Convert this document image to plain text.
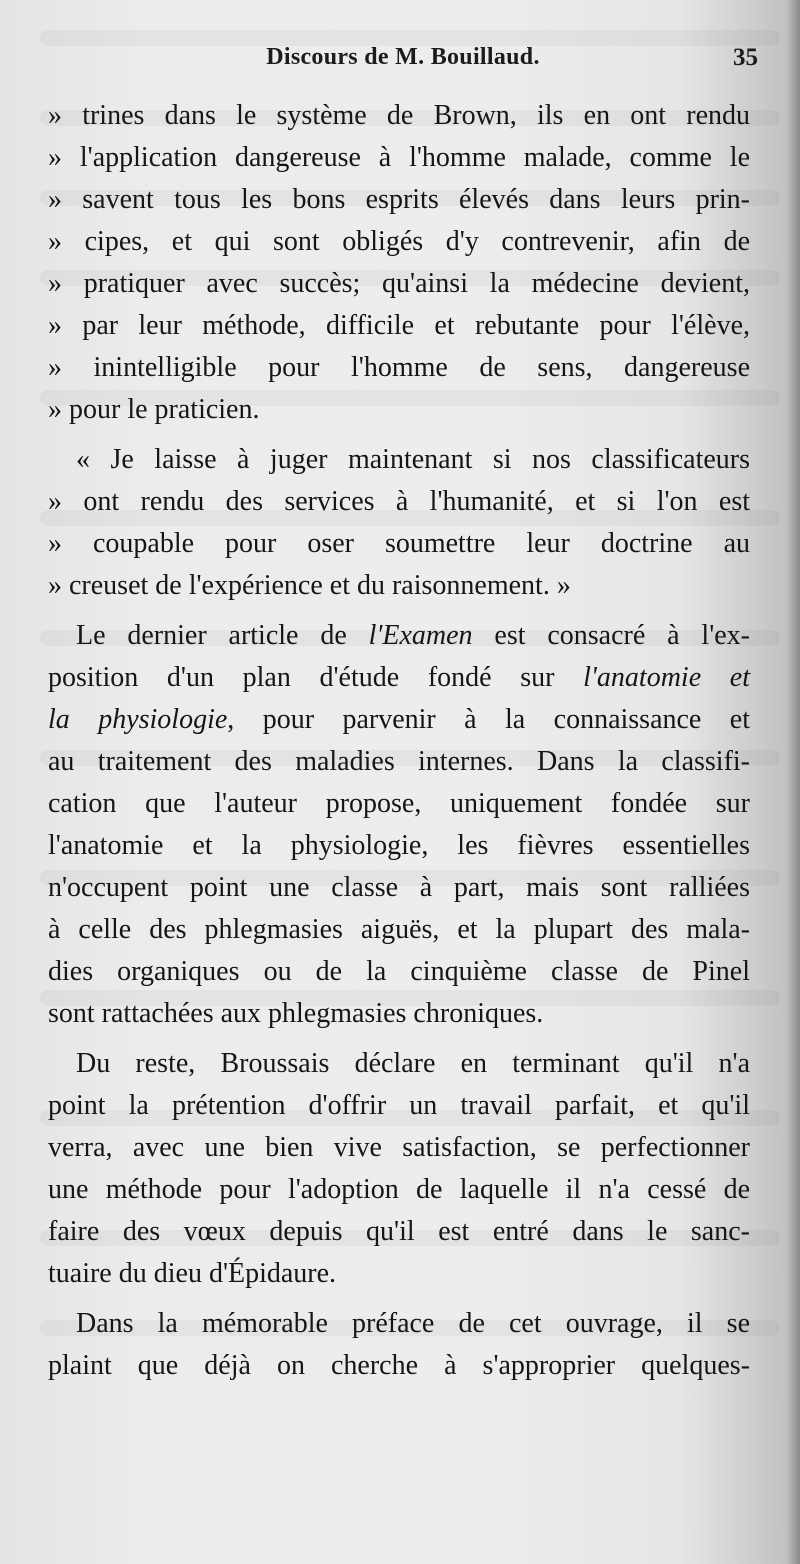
Discours de M. Bouillaud.	35
» trines dans le système de Brown, ils en ont rendu
» l'application dangereuse à l'homme malade, comme le
» savent tous les bons esprits élevés dans leurs prin-
» cipes, et qui sont obligés d'y contrevenir, afin de
» pratiquer avec succès; qu'ainsi la médecine devient,
» par leur méthode, difficile et rebutante pour l'élève,
» inintelligible pour l'homme de sens, dangereuse
» pour le praticien.
« Je laisse à juger maintenant si nos classificateurs
» ont rendu des services à l'humanité, et si l'on est
» coupable pour oser soumettre leur doctrine au
» creuset de l'expérience et du raisonnement. »
Le dernier article de l'Examen est consacré à l'ex-
position d'un plan d'étude fondé sur l'anatomie et
la physiologie, pour parvenir à la connaissance et
au traitement des maladies internes. Dans la classifi-
cation que l'auteur propose, uniquement fondée sur
l'anatomie et la physiologie, les fièvres essentielles
n'occupent point une classe à part, mais sont ralliées
à celle des phlegmasies aiguës, et la plupart des mala-
dies organiques ou de la cinquième classe de Pinel
sont rattachées aux phlegmasies chroniques.
Du reste, Broussais déclare en terminant qu'il n'a
point la prétention d'offrir un travail parfait, et qu'il
verra, avec une bien vive satisfaction, se perfectionner
une méthode pour l'adoption de laquelle il n'a cessé de
faire des vœux depuis qu'il est entré dans le sanc-
tuaire du dieu d'Épidaure.
Dans la mémorable préface de cet ouvrage, il se
plaint que déjà on cherche à s'approprier quelques-
